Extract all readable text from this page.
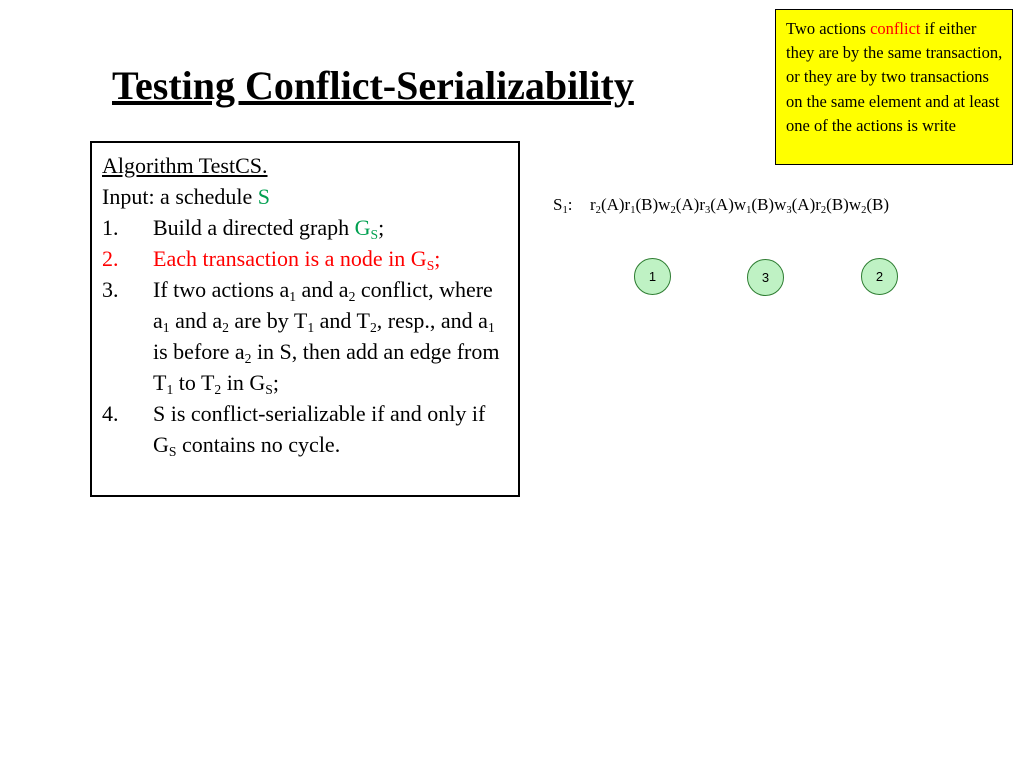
Testing Conflict-Serializability
Two actions conflict if either they are by the same transaction, or they are by two transactions on the same element and at least one of the actions is write
Algorithm TestCS.
Input: a schedule S
1.	Build a directed graph $G_S$;
2.	Each transaction is a node in $G_S$;
3.	If two actions $a_1$ and $a_2$ conflict, where $a_1$ and $a_2$ are by $T_1$ and $T_2$, resp., and $a_1$ is before $a_2$ in S, then add an edge from $T_1$ to $T_2$ in $G_S$;
4.	S is conflict-serializable if and only if $G_S$ contains no cycle.
$S_1$: $r_2(A)r_1(B)w_2(A)r_3(A)w_1(B)w_3(A)r_2(B)w_2(B)$
1	3	2
